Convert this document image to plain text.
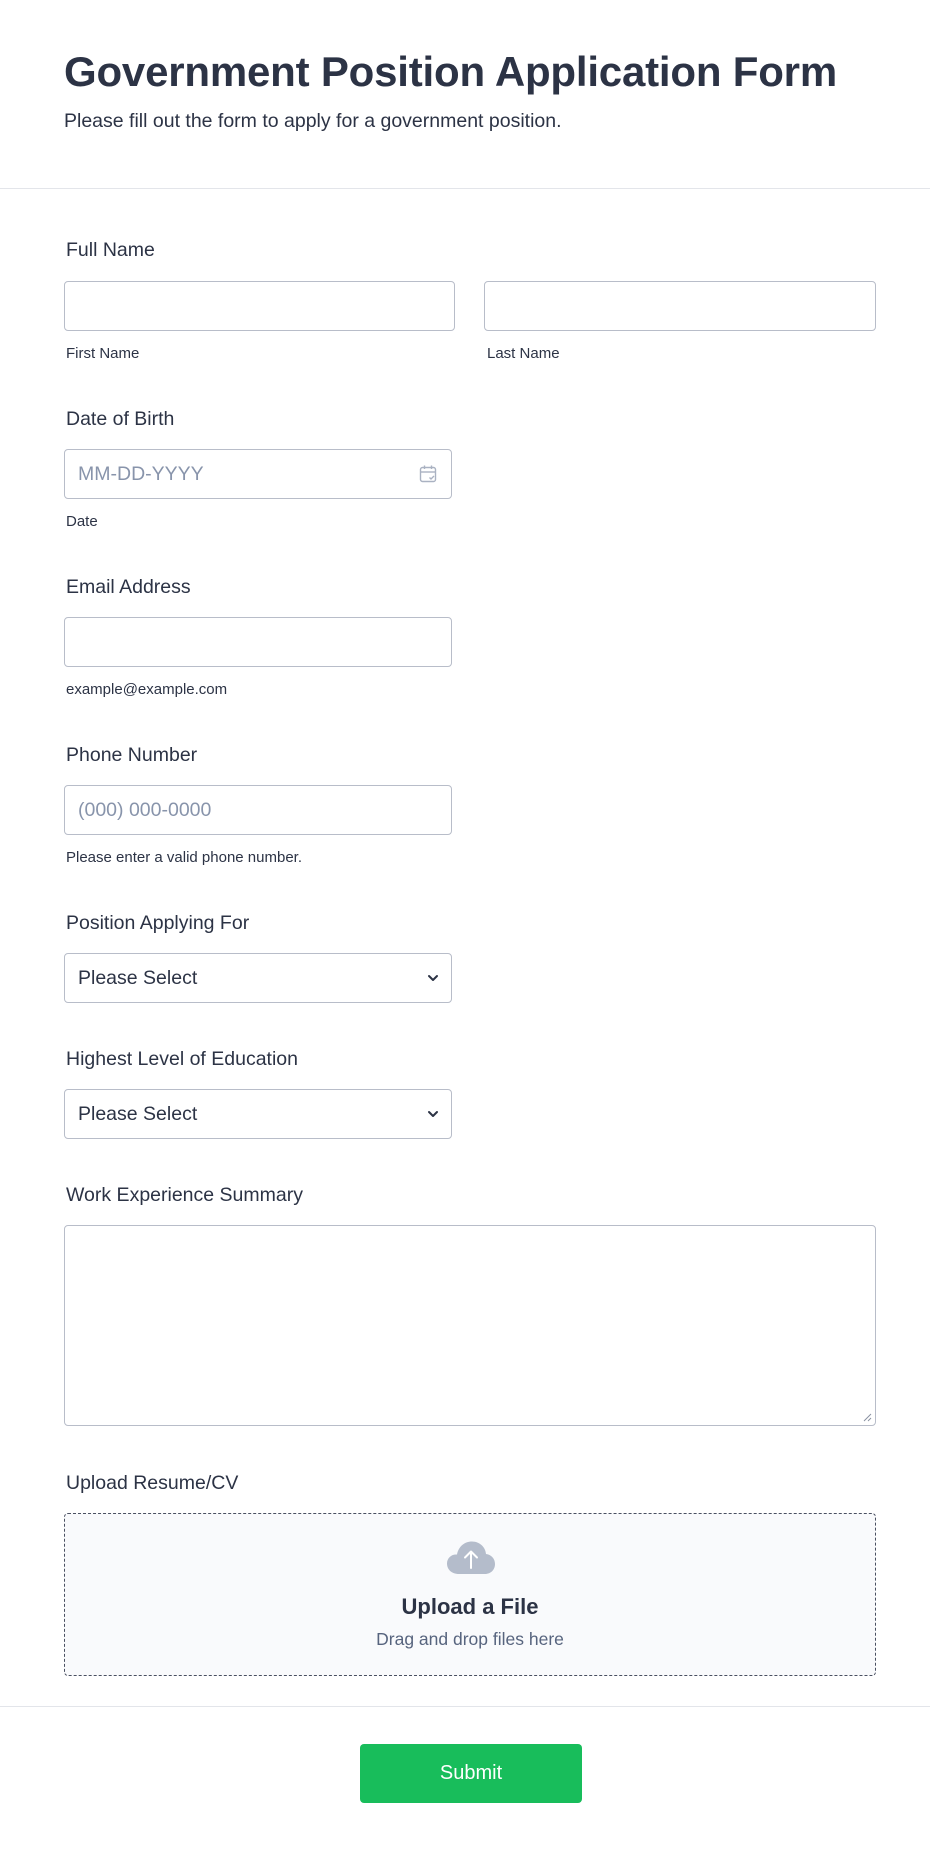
Government Position Application Form

Please fill out the form to apply for a government position.

Full Name
First Name	Last Name
Date of Birth
MM-DD-YYYY
Date
Email Address
example@example.com
Phone Number
(000) 000-0000
Please enter a valid phone number.
Position Applying For
Please Select
Highest Level of Education
Please Select
Work Experience Summary
Upload Resume/CV
Upload a File
Drag and drop files here
Submit
